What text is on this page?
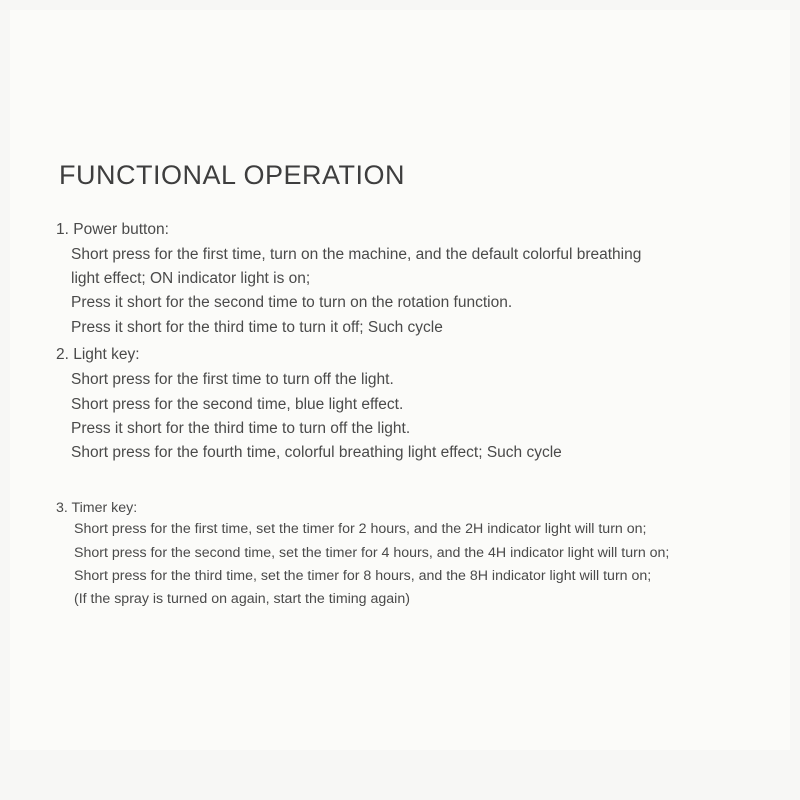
FUNCTIONAL OPERATION

1. Power button:

Short press for the first time, turn on the machine, and the default colorful breathing

light effect; ON indicator light is on;

Press it short for the second time to turn on the rotation function.

Press it short for the third time to turn it off; Such cycle

2. Light key:

Short press for the first time to turn off the light.

Short press for the second time, blue light effect.

Press it short for the third time to turn off the light.

Short press for the fourth time, colorful breathing light effect; Such cycle

3. Timer key:

Short press for the first time, set the timer for 2 hours, and the 2H indicator light will turn on;

Short press for the second time, set the timer for 4 hours, and the 4H indicator light will turn on;

Short press for the third time, set the timer for 8 hours, and the 8H indicator light will turn on;

(If the spray is turned on again, start the timing again)
